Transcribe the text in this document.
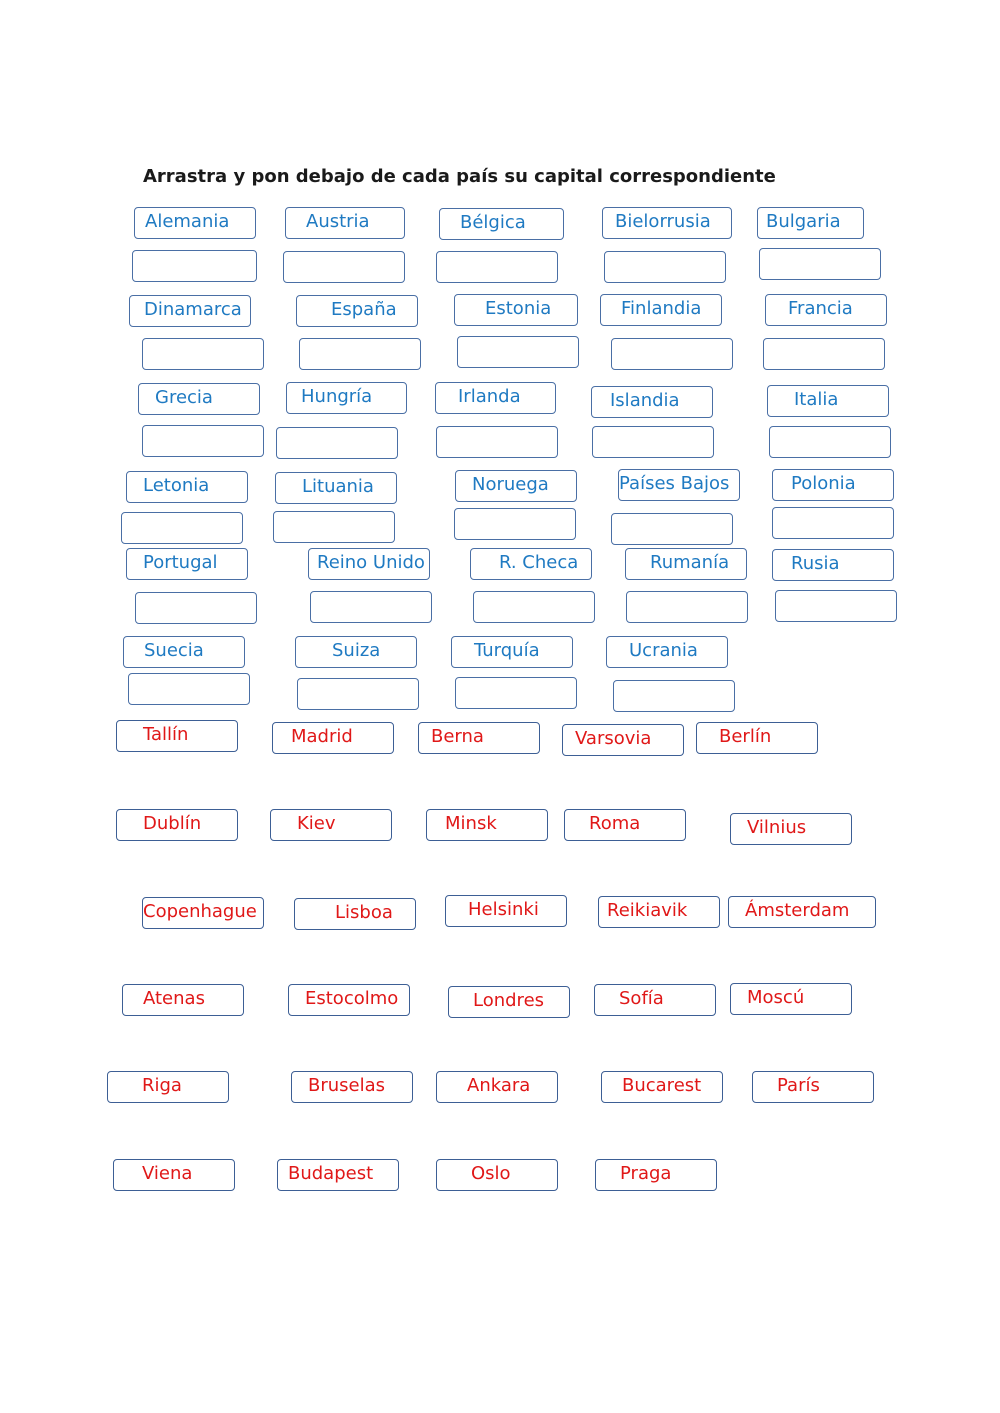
Arrastra y pon debajo de cada país su capital correspondiente
Alemania	Austria	Bélgica	Bielorrusia	Bulgaria
Dinamarca	España	Estonia	Finlandia	Francia
Grecia	Hungría	Irlanda	Islandia	Italia
Letonia	Lituania	Noruega	Países Bajos	Polonia
Portugal	Reino Unido	R. Checa	Rumanía	Rusia
Suecia	Suiza	Turquía	Ucrania
Tallín	Madrid	Berna	Varsovia	Berlín
Dublín	Kiev	Minsk	Roma	Vilnius
Copenhague	Lisboa	Helsinki	Reikiavik	Ámsterdam
Atenas	Estocolmo	Londres	Sofía	Moscú
Riga	Bruselas	Ankara	Bucarest	París
Viena	Budapest	Oslo	Praga
